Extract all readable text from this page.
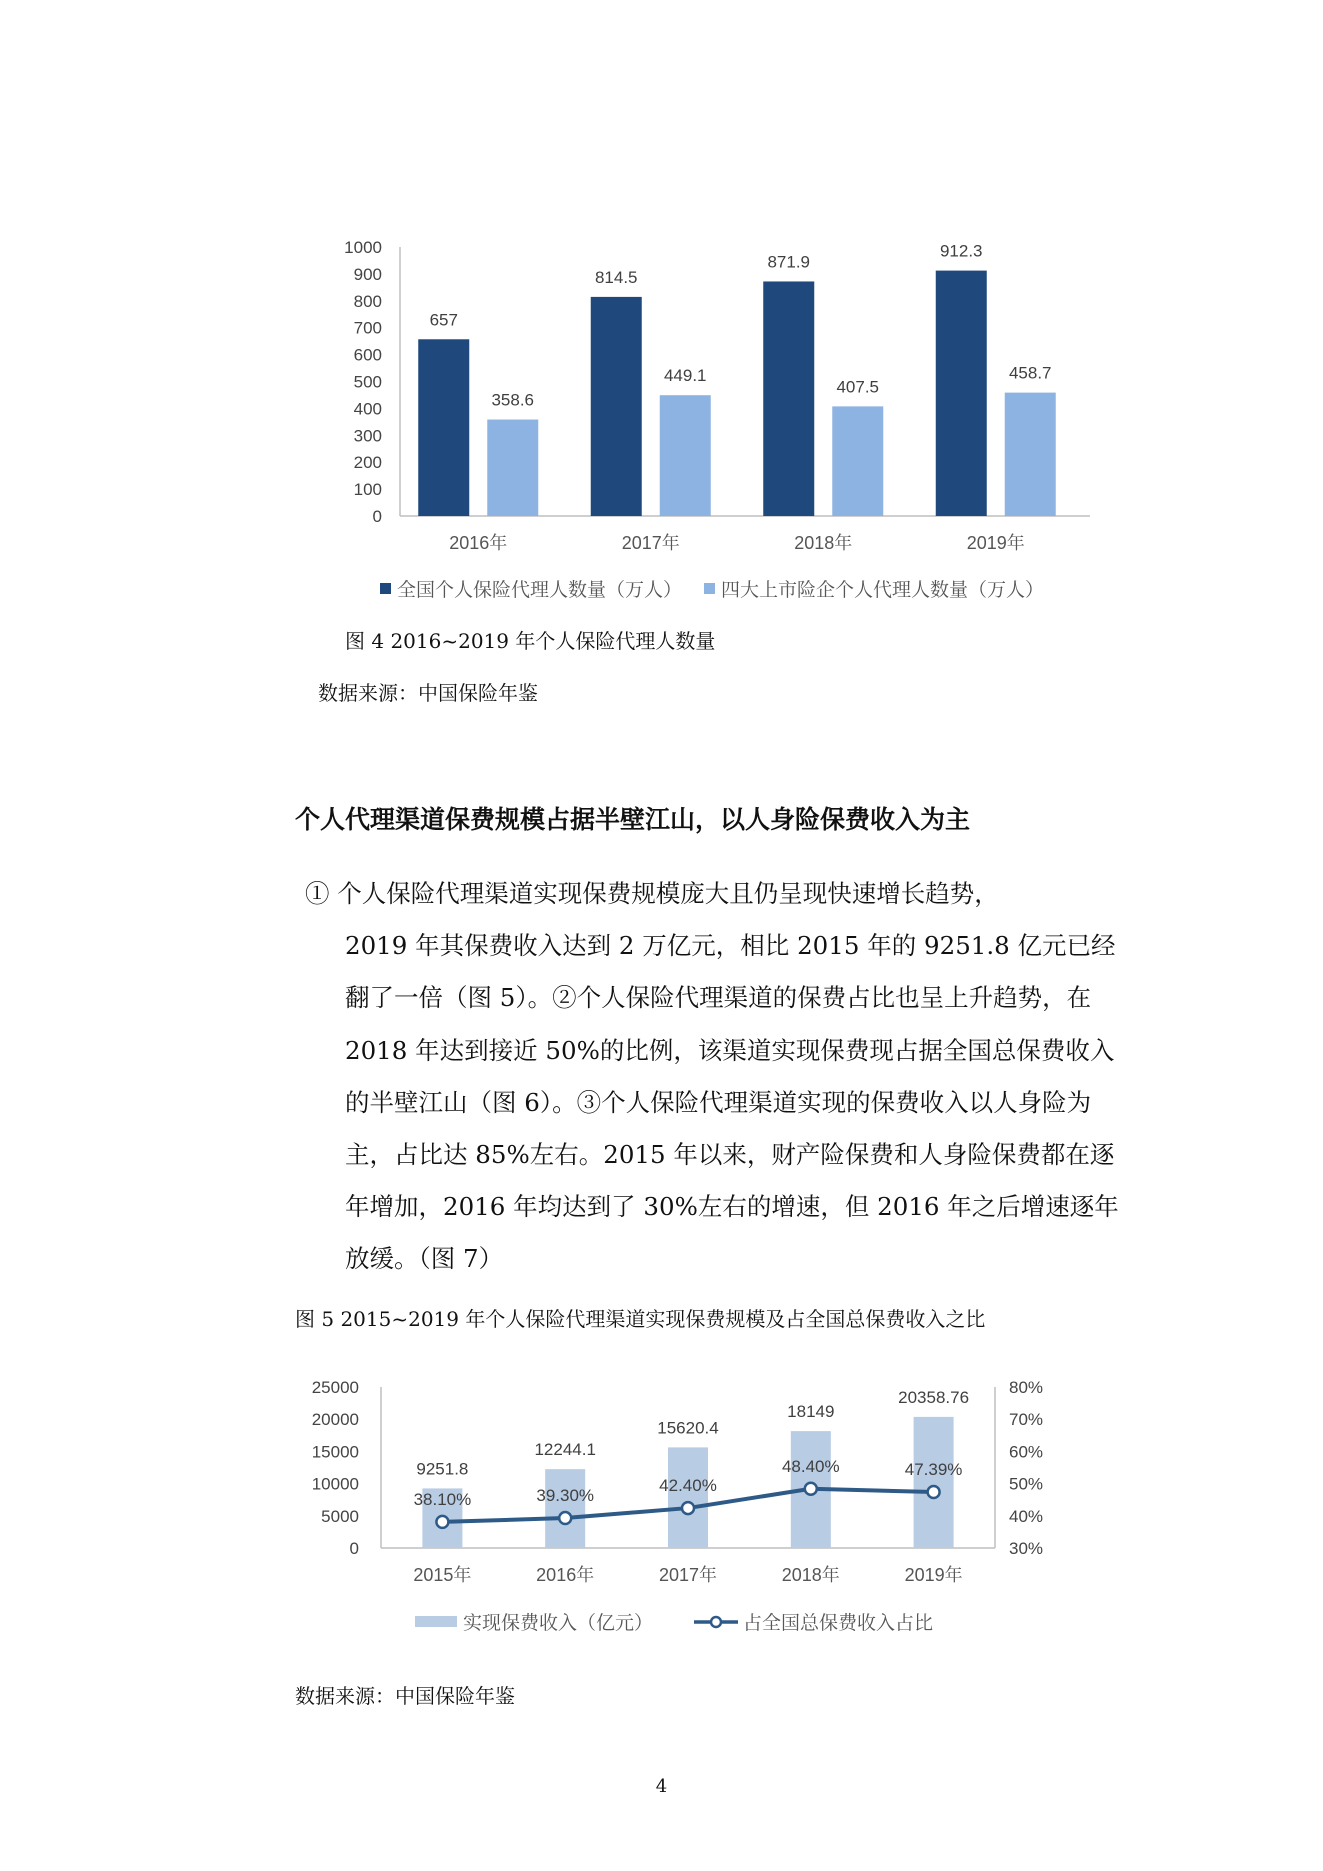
1000
900
800
700
600
500
400
300
200
100
0
657
358.6
2016年
814.5
449.1
2017年
871.9
407.5
2018年
912.3
458.7
2019年
全国个人保险代理人数量（万人） 四大上市险企个人代理人数量（万人）
图 4 2016~2019 年个人保险代理人数量
数据来源：中国保险年鉴
个人代理渠道保费规模占据半壁江山，以人身险保费收入为主
① 个人保险代理渠道实现保费规模庞大且仍呈现快速增长趋势，
2019 年其保费收入达到 2 万亿元，相比 2015 年的 9251.8 亿元已经翻了一倍（图 5）。②个人保险代理渠道的保费占比也呈上升趋势，在 2018 年达到接近 50%的比例，该渠道实现保费现占据全国总保费收入的半壁江山（图 6）。③个人保险代理渠道实现的保费收入以人身险为主，占比达 85%左右。2015 年以来，财产险保费和人身险保费都在逐年增加，2016 年均达到了 30%左右的增速，但 2016 年之后增速逐年放缓。（图 7）
图 5 2015~2019 年个人保险代理渠道实现保费规模及占全国总保费收入之比
25000
20000
15000
10000
5000
0
80%
70%
60%
50%
40%
30%
9251.8
2015年
12244.1
2016年
15620.4
2017年
18149
2018年
20358.76
2019年
38.10%	39.30%
42.40%
48.40%	47.39%
实现保费收入（亿元）	占全国总保费收入占比
数据来源：中国保险年鉴
4
